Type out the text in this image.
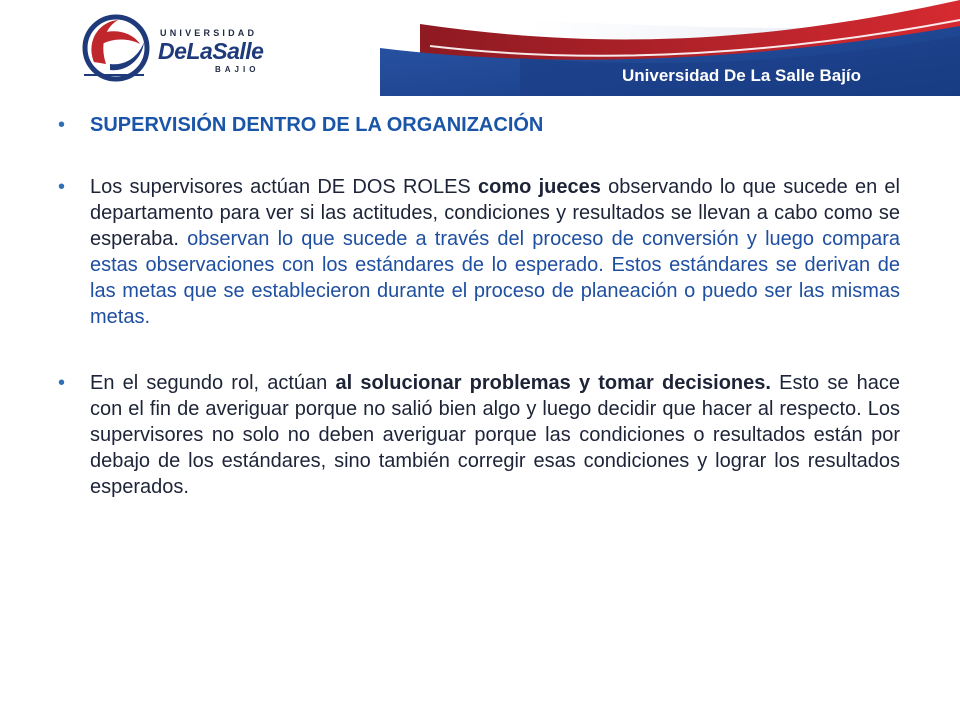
UNIVERSIDAD
DeLaSalle
BAJIO	Universidad De La Salle Bajío
• SUPERVISIÓN DENTRO DE LA ORGANIZACIÓN
• Los supervisores actúan DE DOS ROLES como jueces observando lo que sucede en el departamento para ver si las actitudes, condiciones y resultados se llevan a cabo como se esperaba. observan lo que sucede a través del proceso de conversión y luego compara estas observaciones con los estándares de lo esperado. Estos estándares se derivan de las metas que se establecieron durante el proceso de planeación o puedo ser las mismas metas.
• En el segundo rol, actúan al solucionar problemas y tomar decisiones. Esto se hace con el fin de averiguar porque no salió bien algo y luego decidir que hacer al respecto. Los supervisores no solo no deben averiguar porque las condiciones o resultados están por debajo de los estándares, sino también corregir esas condiciones y lograr los resultados esperados.
